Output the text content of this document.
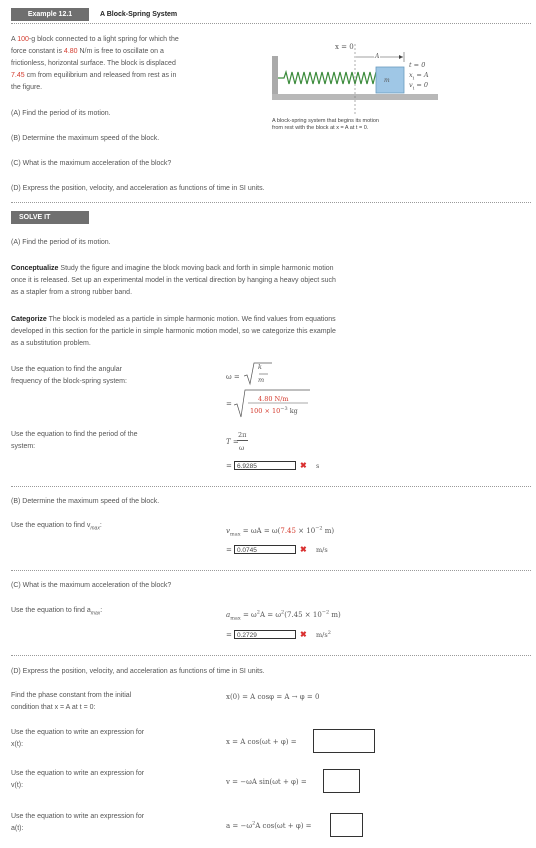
Example 12.1	A Block-Spring System
A 100-g block connected to a light spring for which the
force constant is 4.80 N/m is free to oscillate on a
frictionless, horizontal surface. The block is displaced
7.45 cm from equilibrium and released from rest as in
the figure.
(A) Find the period of its motion.
(B) Determine the maximum speed of the block.
(C) What is the maximum acceleration of the block?
(D) Express the position, velocity, and acceleration as functions of time in SI units.
x = 0
A
m
t = 0
$x_i = A$
$v_i = 0$
A block-spring system that begins its motion
from rest with the block at x = A at t = 0.
SOLVE IT
(A) Find the period of its motion.
Conceptualize Study the figure and imagine the block moving back and forth in simple harmonic motion
once it is released. Set up an experimental model in the vertical direction by hanging a heavy object such
as a stapler from a strong rubber band.
Categorize The block is modeled as a particle in simple harmonic motion. We find values from equations
developed in this section for the particle in simple harmonic motion model, so we categorize this example
as a substitution problem.
Use the equation to find the angular
frequency of the block-spring system:
ω =
k
m
=
4.80 N/m
$100 \times 10^{-3}$ kg
Use the equation to find the period of the
system:
T =
2π
ω
= 6.9285	✖ s
(B) Determine the maximum speed of the block.
Use the equation to find $v_{max}$:
$v_{max} = \omega A = \omega(7.45 \times 10^{-2}$ m)
= 0.0745	✖ m/s
(C) What is the maximum acceleration of the block?
Use the equation to find $a_{max}$:
$a_{max} = \omega^2A = \omega^2(7.45 \times 10^{-2}$ m)
= 0.2729	✖ $m/s^2$
(D) Express the position, velocity, and acceleration as functions of time in SI units.
Find the phase constant from the initial
condition that x = A at t = 0:
x(0) = A cosφ = A → φ = 0
Use the equation to write an expression for
x(t):	x = A cos(ωt + φ) =
Use the equation to write an expression for
v(t):	v = −ωA sin(ωt + φ) =
Use the equation to write an expression for
a(t):	$a = -\omega^2A$ cos(ωt + φ) =
